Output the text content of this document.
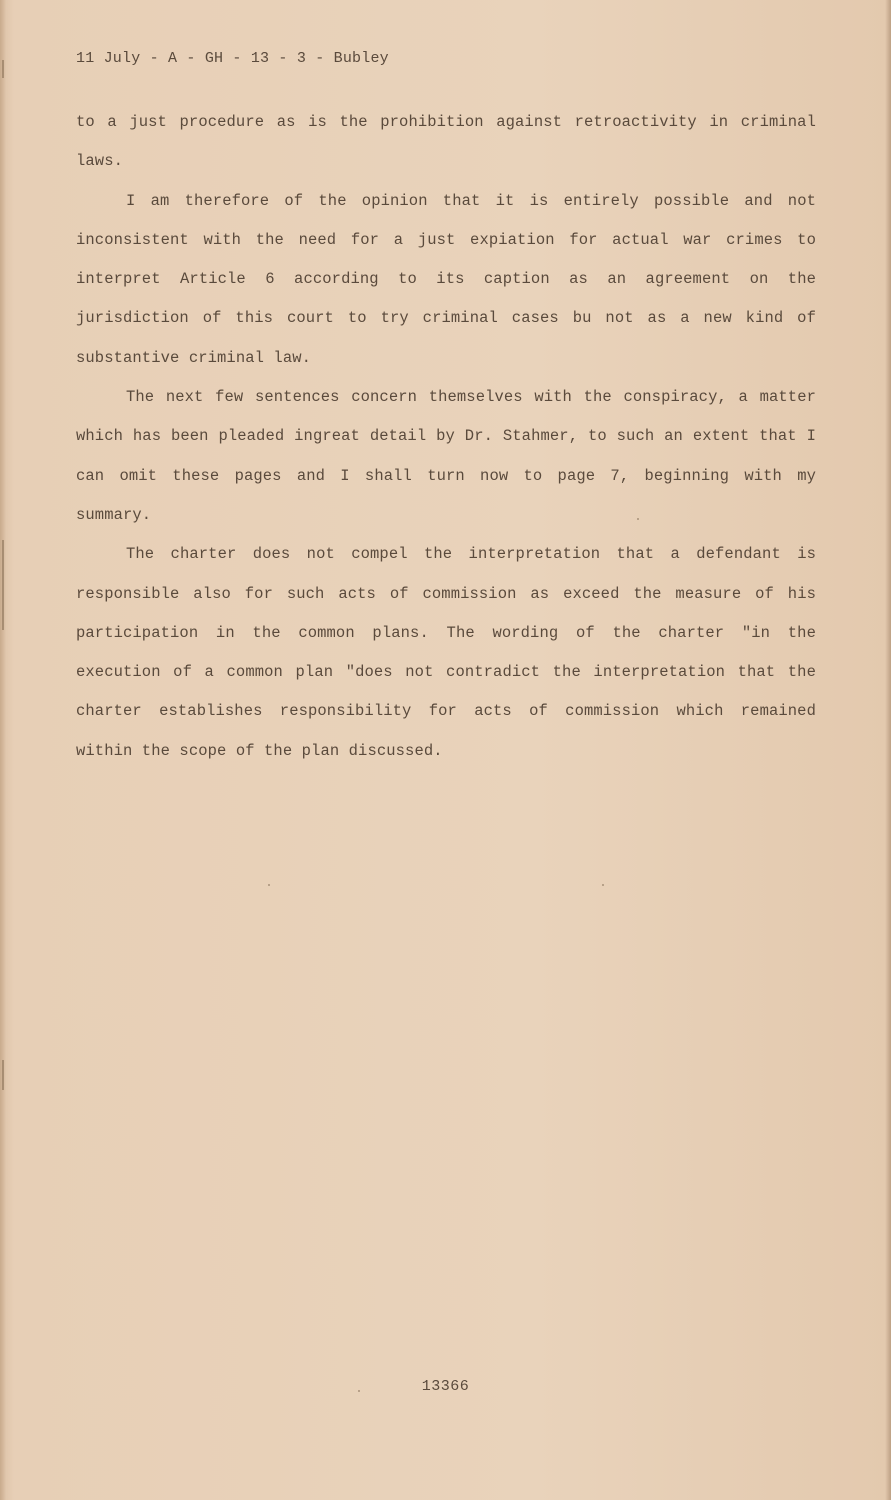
11 July - A - GH - 13 - 3 - Bubley

to a just procedure as is the prohibition against retroactivity in criminal laws.

I am therefore of the opinion that it is entirely possible and not inconsistent with the need for a just expiation for actual war crimes to interpret Article 6 according to its caption as an agreement on the jurisdiction of this court to try criminal cases bu not as a new kind of substantive criminal law.

The next few sentences concern themselves with the conspiracy, a matter which has been pleaded ingreat detail by Dr. Stahmer, to such an extent that I can omit these pages and I shall turn now to page 7, beginning with my summary.

The charter does not compel the interpretation that a defendant is responsible also for such acts of commission as exceed the measure of his participation in the common plans. The wording of the charter "in the execution of a common plan "does not contradict the interpretation that the charter establishes responsibility for acts of commission which remained within the scope of the plan discussed.

13366
